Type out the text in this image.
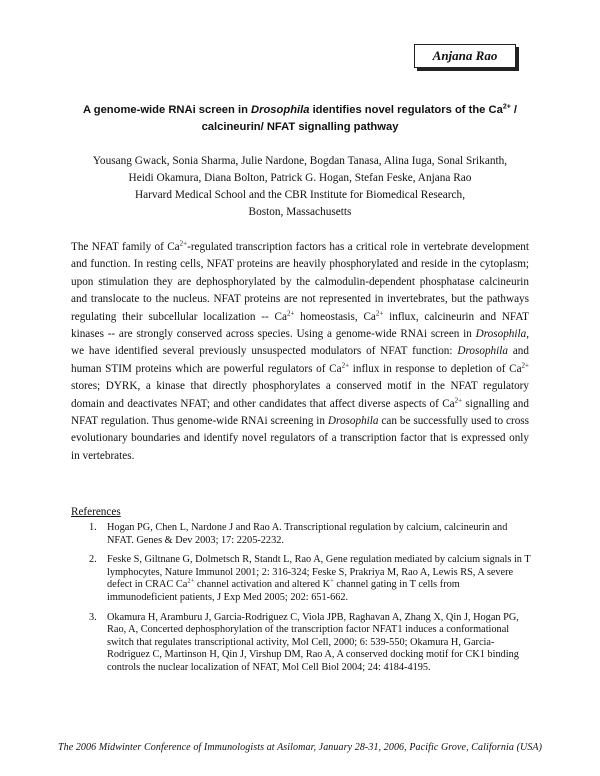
Anjana Rao
A genome-wide RNAi screen in Drosophila identifies novel regulators of the $Ca^{2+}$ / calcineurin/ NFAT signalling pathway
Yousang Gwack, Sonia Sharma, Julie Nardone, Bogdan Tanasa, Alina Iuga, Sonal Srikanth,
Heidi Okamura, Diana Bolton, Patrick G. Hogan, Stefan Feske, Anjana Rao
Harvard Medical School and the CBR Institute for Biomedical Research,
Boston, Massachusetts

The NFAT family of $Ca^{2+}$-regulated transcription factors has a critical role in vertebrate development and function. In resting cells, NFAT proteins are heavily phosphorylated and reside in the cytoplasm; upon stimulation they are dephosphorylated by the calmodulin-dependent phosphatase calcineurin and translocate to the nucleus. NFAT proteins are not represented in invertebrates, but the pathways regulating their subcellular localization -- $Ca^{2+}$ homeostasis, $Ca^{2+}$ influx, calcineurin and NFAT kinases -- are strongly conserved across species. Using a genome-wide RNAi screen in Drosophila, we have identified several previously unsuspected modulators of NFAT function: Drosophila and human STIM proteins which are powerful regulators of $Ca^{2+}$ influx in response to depletion of $Ca^{2+}$ stores; DYRK, a kinase that directly phosphorylates a conserved motif in the NFAT regulatory domain and deactivates NFAT; and other candidates that affect diverse aspects of $Ca^{2+}$ signalling and NFAT regulation. Thus genome-wide RNAi screening in Drosophila can be successfully used to cross evolutionary boundaries and identify novel regulators of a transcription factor that is expressed only in vertebrates.

References
1. Hogan PG, Chen L, Nardone J and Rao A. Transcriptional regulation by calcium, calcineurin and NFAT. Genes & Dev 2003; 17: 2205-2232.
2. Feske S, Giltnane G, Dolmetsch R, Standt L, Rao A, Gene regulation mediated by calcium signals in T lymphocytes, Nature Immunol 2001; 2: 316-324; Feske S, Prakriya M, Rao A, Lewis RS, A severe defect in CRAC $Ca^{2+}$ channel activation and altered K+ channel gating in T cells from immunodeficient patients, J Exp Med 2005; 202: 651-662.
3. Okamura H, Aramburu J, Garcia-Rodriguez C, Viola JPB, Raghavan A, Zhang X, Qin J, Hogan PG, Rao, A, Concerted dephosphorylation of the transcription factor NFAT1 induces a conformational switch that regulates transcriptional activity, Mol Cell, 2000; 6: 539-550; Okamura H, Garcia-Rodriguez C, Martinson H, Qin J, Virshup DM, Rao A, A conserved docking motif for CK1 binding controls the nuclear localization of NFAT, Mol Cell Biol 2004; 24: 4184-4195.
The 2006 Midwinter Conference of Immunologists at Asilomar, January 28-31, 2006, Pacific Grove, California (USA)
